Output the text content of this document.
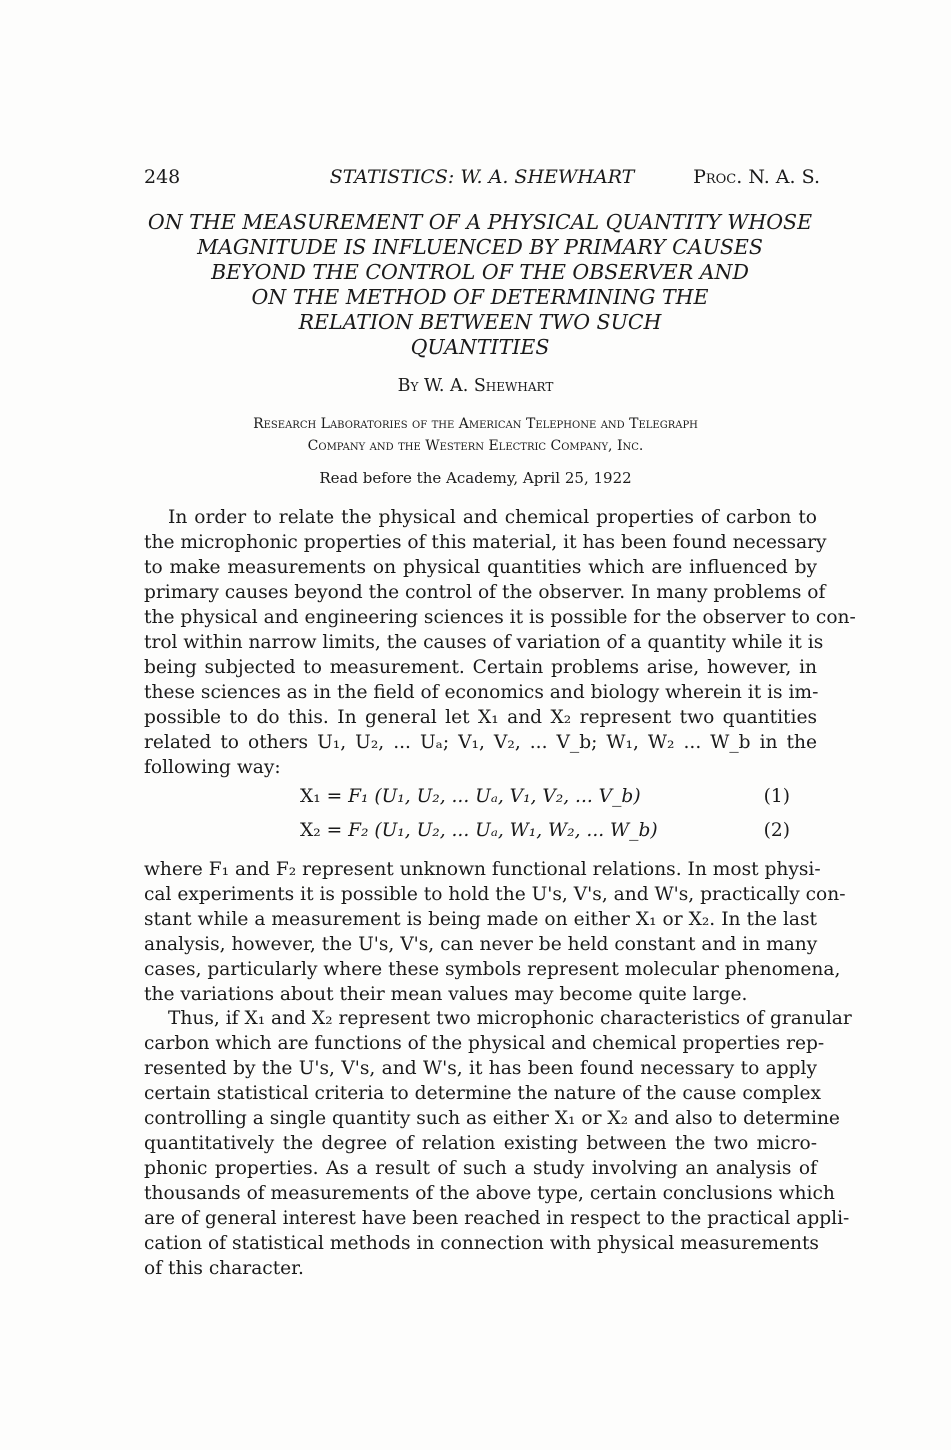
248	STATISTICS: W. A. SHEWHART	Proc. N. A. S.
ON THE MEASUREMENT OF A PHYSICAL QUANTITY WHOSE
MAGNITUDE IS INFLUENCED BY PRIMARY CAUSES
BEYOND THE CONTROL OF THE OBSERVER AND
ON THE METHOD OF DETERMINING THE
RELATION BETWEEN TWO SUCH
QUANTITIES
By W. A. Shewhart
Research Laboratories of the American Telephone and Telegraph
Company and the Western Electric Company, Inc.
Read before the Academy, April 25, 1922
In order to relate the physical and chemical properties of carbon to
the microphonic properties of this material, it has been found necessary
to make measurements on physical quantities which are influenced by
primary causes beyond the control of the observer. In many problems of
the physical and engineering sciences it is possible for the observer to con-
trol within narrow limits, the causes of variation of a quantity while it is
being subjected to measurement. Certain problems arise, however, in
these sciences as in the field of economics and biology wherein it is im-
possible to do this. In general let X₁ and X₂ represent two quantities
related to others U₁, U₂, ... Uₐ; V₁, V₂, ... V_b; W₁, W₂ ... W_b in the
following way:
X₁ = F₁ (U₁, U₂, ... Uₐ, V₁, V₂, ... V_b)	(1)
X₂ = F₂ (U₁, U₂, ... Uₐ, W₁, W₂, ... W_b)	(2)
where F₁ and F₂ represent unknown functional relations. In most physi-
cal experiments it is possible to hold the U's, V's, and W's, practically con-
stant while a measurement is being made on either X₁ or X₂. In the last
analysis, however, the U's, V's, can never be held constant and in many
cases, particularly where these symbols represent molecular phenomena,
the variations about their mean values may become quite large.
Thus, if X₁ and X₂ represent two microphonic characteristics of granular
carbon which are functions of the physical and chemical properties rep-
resented by the U's, V's, and W's, it has been found necessary to apply
certain statistical criteria to determine the nature of the cause complex
controlling a single quantity such as either X₁ or X₂ and also to determine
quantitatively the degree of relation existing between the two micro-
phonic properties. As a result of such a study involving an analysis of
thousands of measurements of the above type, certain conclusions which
are of general interest have been reached in respect to the practical appli-
cation of statistical methods in connection with physical measurements
of this character.
